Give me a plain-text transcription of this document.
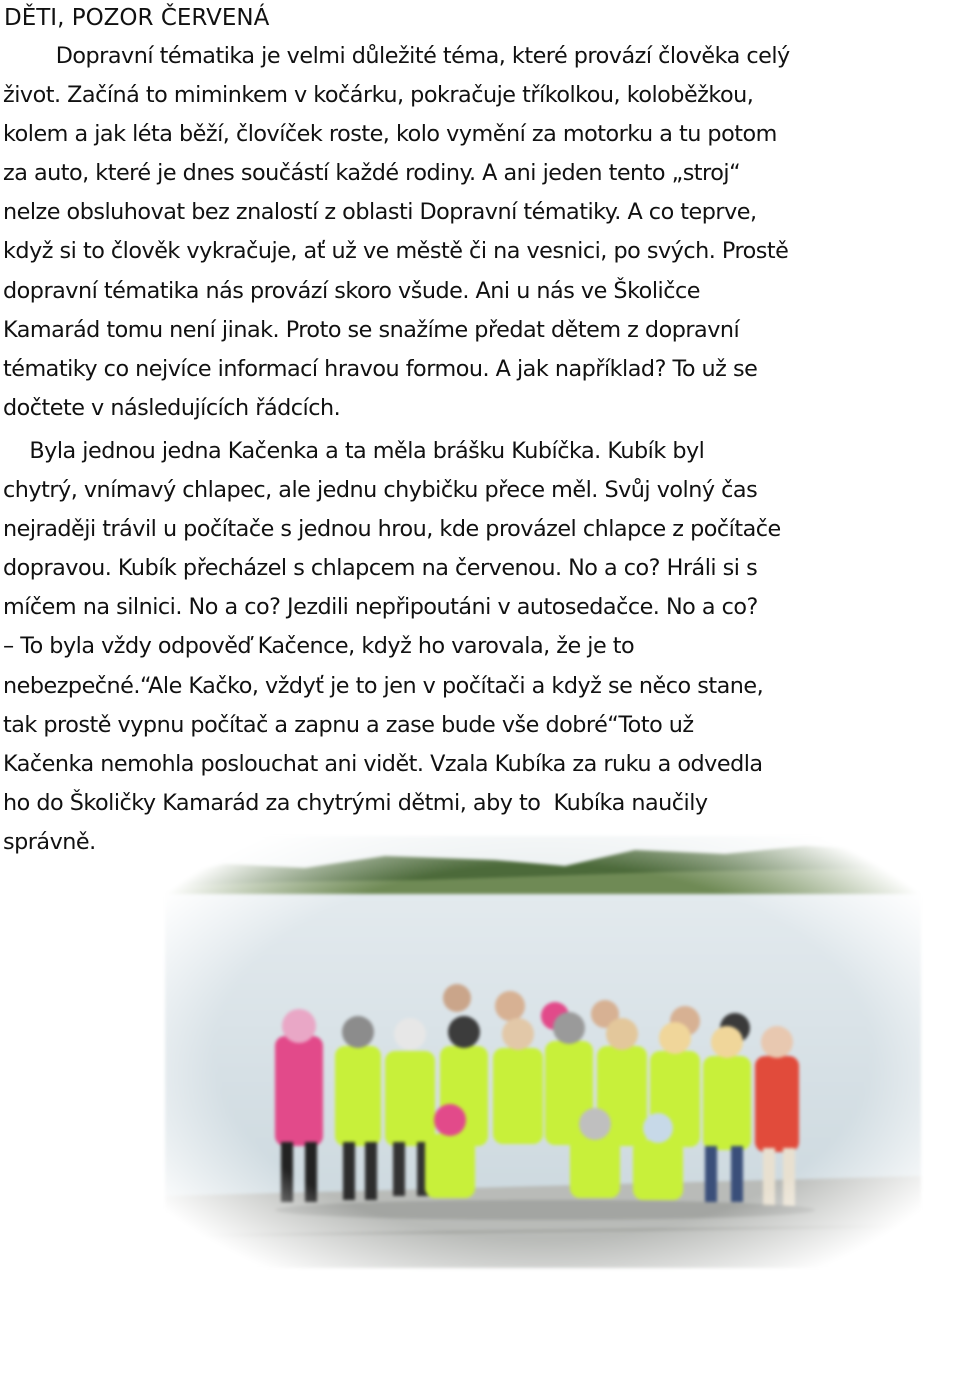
DĚTI, POZOR ČERVENÁ
Dopravní tématika je velmi důležité téma, které provází člověka celý
život. Začíná to miminkem v kočárku, pokračuje tříkolkou, koloběžkou,
kolem a jak léta běží, človíček roste, kolo vymění za motorku a tu potom
za auto, které je dnes součástí každé rodiny. A ani jeden tento „stroj“
nelze obsluhovat bez znalostí z oblasti Dopravní tématiky. A co teprve,
když si to člověk vykračuje, ať už ve městě či na vesnici, po svých. Prostě
dopravní tématika nás provází skoro všude. Ani u nás ve Školičce
Kamarád tomu není jinak. Proto se snažíme předat dětem z dopravní
tématiky co nejvíce informací hravou formou. A jak například? To už se
dočtete v následujících řádcích.
Byla jednou jedna Kačenka a ta měla brášku Kubíčka. Kubík byl
chytrý, vnímavý chlapec, ale jednu chybičku přece měl. Svůj volný čas
nejraději trávil u počítače s jednou hrou, kde provázel chlapce z počítače
dopravou. Kubík přecházel s chlapcem na červenou. No a co? Hráli si s
míčem na silnici. No a co? Jezdili nepřipoutáni v autosedačce. No a co?
– To byla vždy odpověď Kačence, když ho varovala, že je to
nebezpečné.“Ale Kačko, vždyť je to jen v počítači a když se něco stane,
tak prostě vypnu počítač a zapnu a zase bude vše dobré“Toto už
Kačenka nemohla poslouchat ani vidět. Vzala Kubíka za ruku a odvedla
ho do Školičky Kamarád za chytrými dětmi, aby to  Kubíka naučily
správně.
